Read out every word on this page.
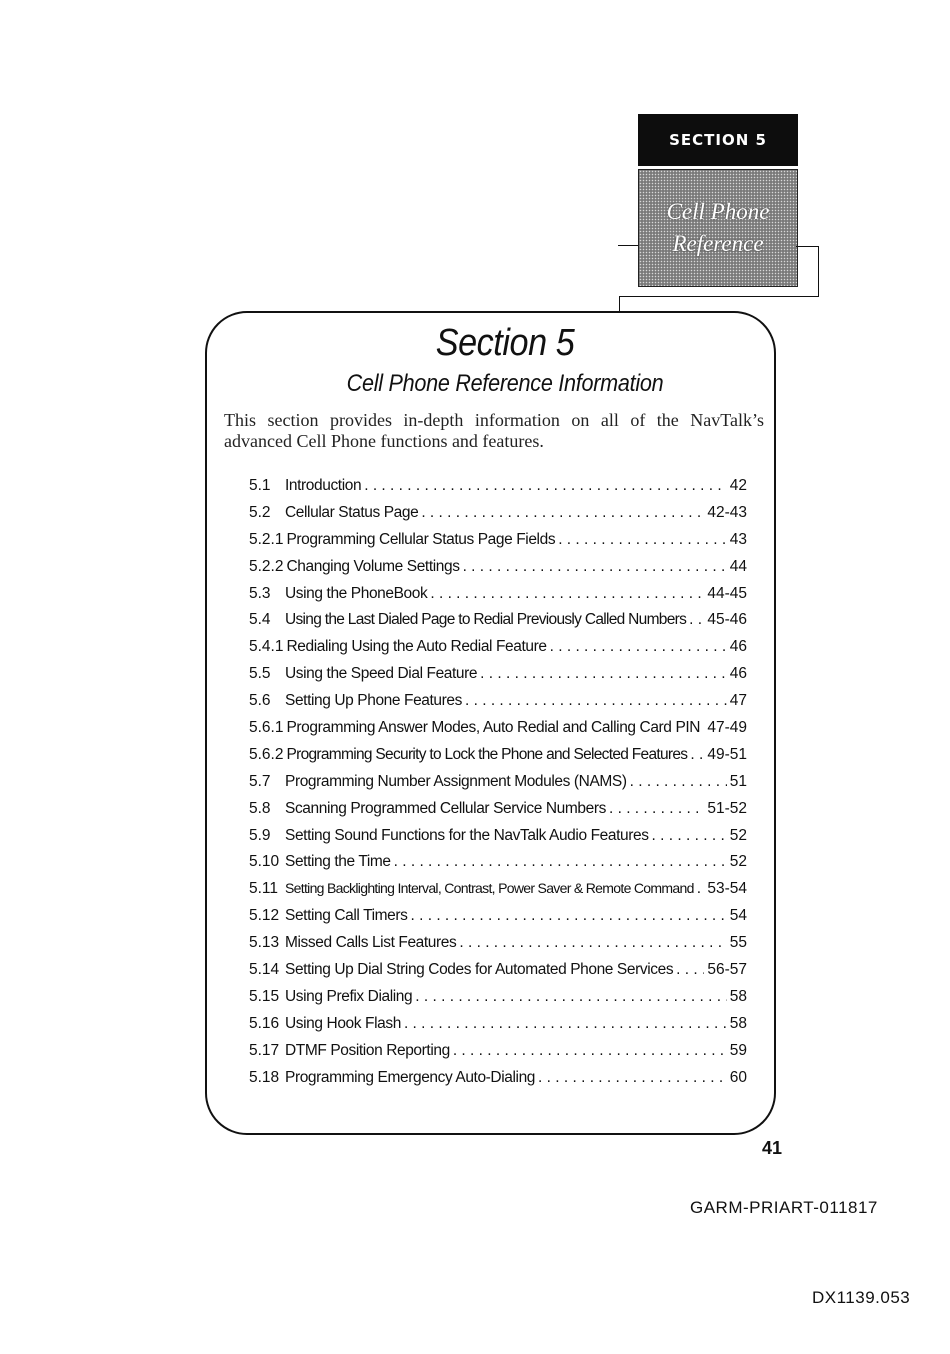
SECTION 5
Cell Phone
Reference
Section 5
Cell Phone Reference Information
This section provides in-depth information on all of the NavTalk’s advanced Cell Phone functions and features.
5.1 Introduction . . .	42
5.2 Cellular Status Page . . .	42-43
5.2.1 Programming Cellular Status Page Fields . . .	43
5.2.2 Changing Volume Settings . . .	44
5.3 Using the PhoneBook . . .	44-45
5.4 Using the Last Dialed Page to Redial Previously Called Numbers . . . 45-46
5.4.1 Redialing Using the Auto Redial Feature . . .	46
5.5 Using the Speed Dial Feature . . .	46
5.6 Setting Up Phone Features . . .	47
5.6.1 Programming Answer Modes, Auto Redial and Calling Card PIN . . . 47-49
5.6.2 Programming Security to Lock the Phone and Selected Features . . . 49-51
5.7 Programming Number Assignment Modules (NAMS) . . .	51
5.8 Scanning Programmed Cellular Service Numbers . . .	51-52
5.9 Setting Sound Functions for the NavTalk Audio Features . . .	52
5.10 Setting the Time . . .	52
5.11 Setting Backlighting Interval, Contrast, Power Saver & Remote Command . . . 53-54
5.12 Setting Call Timers . . .	54
5.13 Missed Calls List Features . . .	55
5.14 Setting Up Dial String Codes for Automated Phone Services . . . 56-57
5.15 Using Prefix Dialing . . .	58
5.16 Using Hook Flash . . .	58
5.17 DTMF Position Reporting . . .	59
5.18 Programming Emergency Auto-Dialing . . .	60
41
GARM-PRIART-011817
DX1139.053
